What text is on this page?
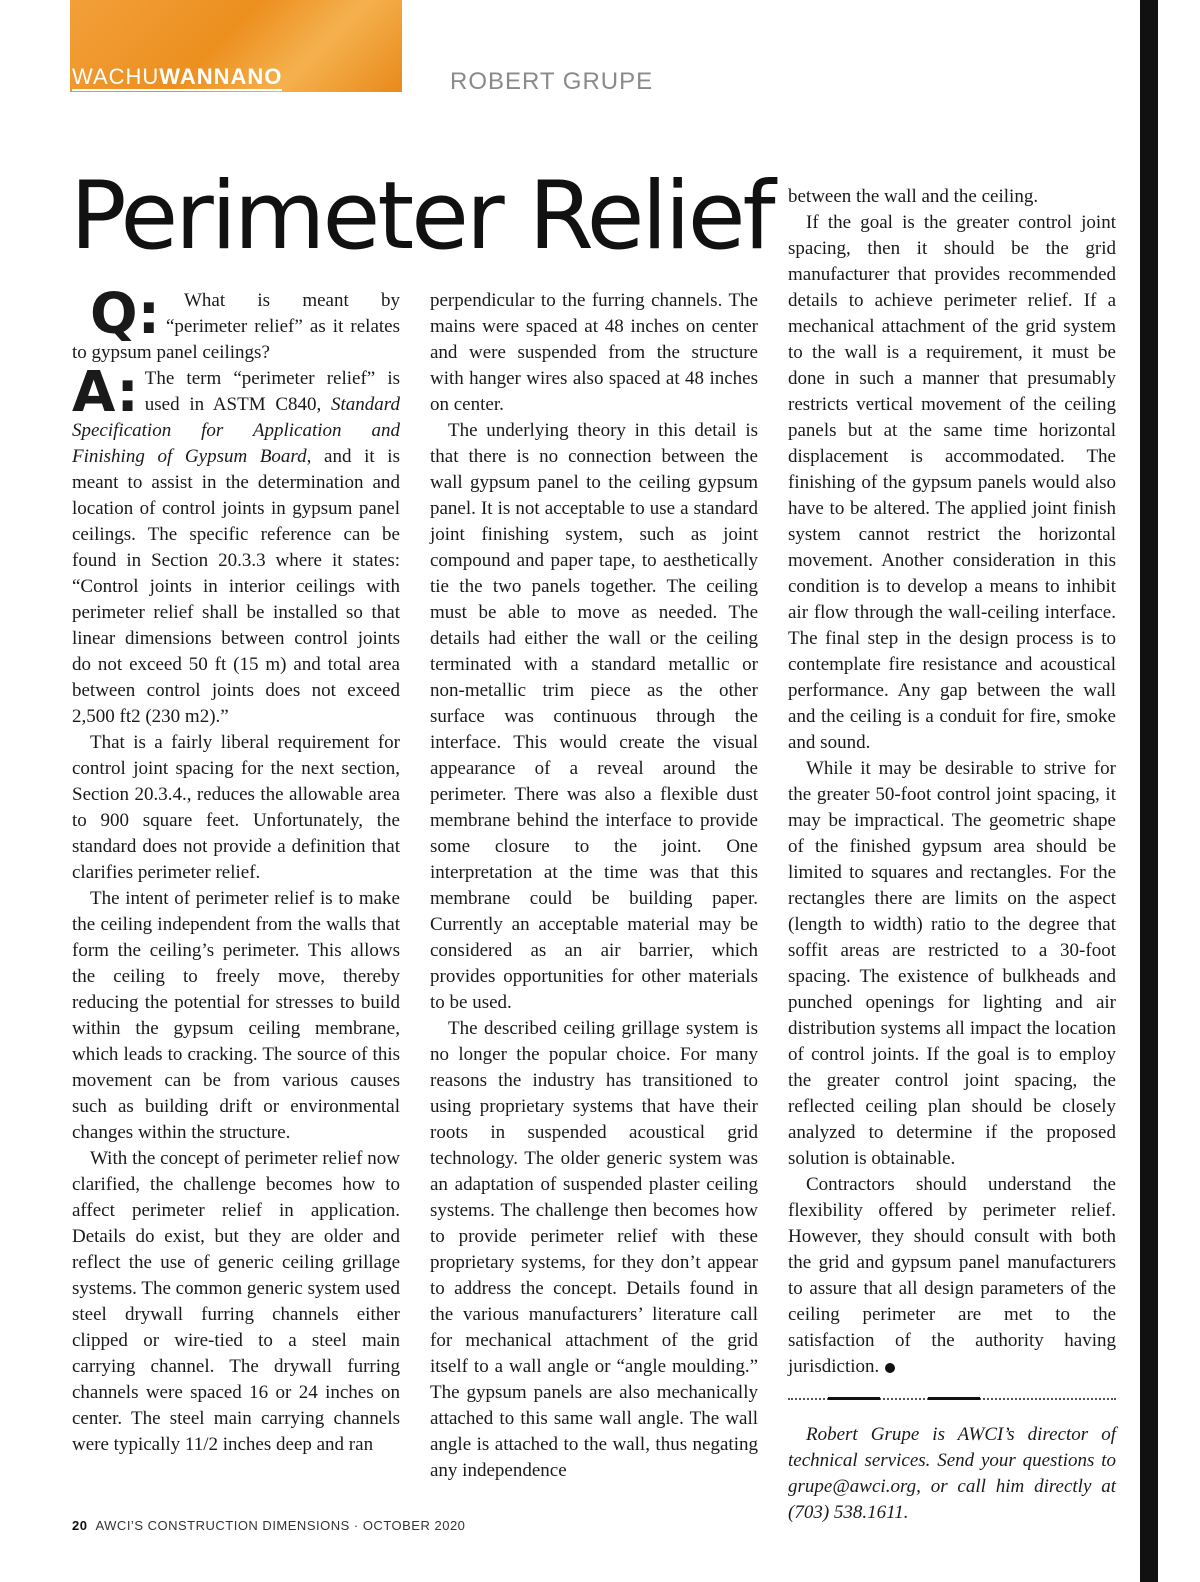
WACHUWANNANO	ROBERT GRUPE
Perimeter Relief

Q: What is meant by “perimeter relief” as it relates to gypsum panel ceilings?

A: The term “perimeter relief” is used in ASTM C840, Standard Specification for Application and Finishing of Gypsum Board, and it is meant to assist in the determination and location of control joints in gypsum panel ceilings. The specific reference can be found in Section 20.3.3 where it states: “Control joints in interior ceilings with perimeter relief shall be installed so that linear dimensions between control joints do not exceed 50 ft (15 m) and total area between control joints does not exceed 2,500 ft2 (230 m2).”

That is a fairly liberal requirement for control joint spacing for the next section, Section 20.3.4., reduces the allowable area to 900 square feet. Unfortunately, the standard does not provide a definition that clarifies perimeter relief.

The intent of perimeter relief is to make the ceiling independent from the walls that form the ceiling’s perimeter. This allows the ceiling to freely move, thereby reducing the potential for stresses to build within the gypsum ceiling membrane, which leads to cracking. The source of this movement can be from various causes such as building drift or environmental changes within the structure.

With the concept of perimeter relief now clarified, the challenge becomes how to affect perimeter relief in application. Details do exist, but they are older and reflect the use of generic ceiling grillage systems. The common generic system used steel drywall furring channels either clipped or wire-tied to a steel main carrying channel. The drywall furring channels were spaced 16 or 24 inches on center. The steel main carrying channels were typically 11/2 inches deep and ran

perpendicular to the furring channels. The mains were spaced at 48 inches on center and were suspended from the structure with hanger wires also spaced at 48 inches on center.

The underlying theory in this detail is that there is no connection between the wall gypsum panel to the ceiling gypsum panel. It is not acceptable to use a standard joint finishing system, such as joint compound and paper tape, to aesthetically tie the two panels together. The ceiling must be able to move as needed. The details had either the wall or the ceiling terminated with a standard metallic or non-metallic trim piece as the other surface was continuous through the interface. This would create the visual appearance of a reveal around the perimeter. There was also a flexible dust membrane behind the interface to provide some closure to the joint. One interpretation at the time was that this membrane could be building paper. Currently an acceptable material may be considered as an air barrier, which provides opportunities for other materials to be used.

The described ceiling grillage system is no longer the popular choice. For many reasons the industry has transitioned to using proprietary systems that have their roots in suspended acoustical grid technology. The older generic system was an adaptation of suspended plaster ceiling systems. The challenge then becomes how to provide perimeter relief with these proprietary systems, for they don’t appear to address the concept. Details found in the various manufacturers’ literature call for mechanical attachment of the grid itself to a wall angle or “angle moulding.” The gypsum panels are also mechanically attached to this same wall angle. The wall angle is attached to the wall, thus negating any independence

between the wall and the ceiling.

If the goal is the greater control joint spacing, then it should be the grid manufacturer that provides recommended details to achieve perimeter relief. If a mechanical attachment of the grid system to the wall is a requirement, it must be done in such a manner that presumably restricts vertical movement of the ceiling panels but at the same time horizontal displacement is accommodated. The finishing of the gypsum panels would also have to be altered. The applied joint finish system cannot restrict the horizontal movement. Another consideration in this condition is to develop a means to inhibit air flow through the wall-ceiling interface. The final step in the design process is to contemplate fire resistance and acoustical performance. Any gap between the wall and the ceiling is a conduit for fire, smoke and sound.

While it may be desirable to strive for the greater 50-foot control joint spacing, it may be impractical. The geometric shape of the finished gypsum area should be limited to squares and rectangles. For the rectangles there are limits on the aspect (length to width) ratio to the degree that soffit areas are restricted to a 30-foot spacing. The existence of bulkheads and punched openings for lighting and air distribution systems all impact the location of control joints. If the goal is to employ the greater control joint spacing, the reflected ceiling plan should be closely analyzed to determine if the proposed solution is obtainable.

Contractors should understand the flexibility offered by perimeter relief. However, they should consult with both the grid and gypsum panel manufacturers to assure that all design parameters of the ceiling perimeter are met to the satisfaction of the authority having jurisdiction.

Robert Grupe is AWCI’s director of technical services. Send your questions to grupe@awci.org, or call him directly at (703) 538.1611.

20 AWCI’S CONSTRUCTION DIMENSIONS · OCTOBER 2020
